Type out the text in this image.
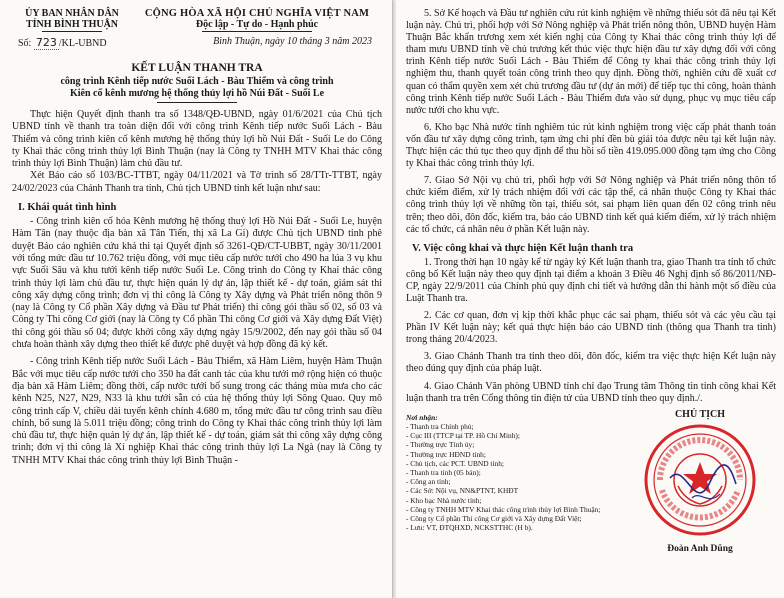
ỦY BAN NHÂN DÂN
TỈNH BÌNH THUẬN
CỘNG HÒA XÃ HỘI CHỦ NGHĨA VIỆT NAM
Độc lập - Tự do - Hạnh phúc
Số: 723 /KL-UBND	Bình Thuận, ngày 10 tháng 3 năm 2023
KẾT LUẬN THANH TRA
công trình Kênh tiếp nước Suối Lách - Bàu Thiểm và công trình
Kiên cố kênh mương hệ thống thủy lợi hồ Núi Đất - Suối Le

Thực hiện Quyết định thanh tra số 1348/QĐ-UBND, ngày 01/6/2021 của Chủ tịch UBND tỉnh về thanh tra toàn diện đối với công trình Kênh tiếp nước Suối Lách - Bàu Thiểm và công trình kiên cố kênh mương hệ thống thủy lợi hồ Núi Đất - Suối Le do Công ty Khai thác công trình thủy lợi Bình Thuận (nay là Công ty TNHH MTV Khai thác công trình thủy lợi Bình Thuận) làm chủ đầu tư.

Xét Báo cáo số 103/BC-TTBT, ngày 04/11/2021 và Tờ trình số 28/TTr-TTBT, ngày 24/02/2023 của Chánh Thanh tra tỉnh, Chủ tịch UBND tỉnh kết luận như sau:

I. Khái quát tình hình

- Công trình kiên cố hóa Kênh mương hệ thống thuỷ lợi Hồ Núi Đất - Suối Le, huyện Hàm Tân (nay thuộc địa bàn xã Tân Tiến, thị xã La Gi) được Chủ tịch UBND tỉnh phê duyệt Báo cáo nghiên cứu khả thi tại Quyết định số 3261-QĐ/CT-UBBT, ngày 30/11/2001 với tổng mức đầu tư 10.762 triệu đồng, với mục tiêu cấp nước tưới cho 490 ha lúa 3 vụ khu vực Suối Sâu và khu tưới kênh tiếp nước Suối Le. Công trình do Công ty Khai thác công trình thủy lợi làm chủ đầu tư, thực hiện quản lý dự án, lập thiết kế - dự toán, giám sát thi công xây dựng công trình; đơn vị thi công là Công ty Xây dựng và Phát triển nông thôn 9 (nay là Công ty Cổ phần Xây dựng và Đầu tư Phát triển) thi công gói thầu số 02, số 03 và Công ty Thi công Cơ giới (nay là Công ty Cổ phần Thi công Cơ giới và Xây dựng Đất Việt) thi công gói thầu số 04; được khởi công xây dựng ngày 15/9/2002, đến nay gói thầu số 04 chưa hoàn thành xây dựng theo thiết kế được phê duyệt và hợp đồng đã ký kết.

- Công trình Kênh tiếp nước Suối Lách - Bàu Thiểm, xã Hàm Liêm, huyện Hàm Thuận Bắc với mục tiêu cấp nước tưới cho 350 ha đất canh tác của khu tưới mở rộng hiện có thuộc địa bàn xã Hàm Liêm; đồng thời, cấp nước tưới bổ sung trong các tháng mùa mưa cho các kênh N25, N27, N29, N33 là khu tưới sẵn có của hệ thống thủy lợi Sông Quao. Quy mô công trình cấp V, chiều dài tuyến kênh chính 4.680 m, tổng mức đầu tư công trình sau điều chỉnh, bổ sung là 5.011 triệu đồng; công trình do Công ty Khai thác công trình thủy lợi làm chủ đầu tư, thực hiện quản lý dự án, lập thiết kế - dự toán, giám sát thi công xây dựng công trình; đơn vị thi công là Xí nghiệp Khai thác công trình thủy lợi La Ngà (nay là Công ty TNHH MTV Khai thác công trình thủy lợi Bình Thuận -

5. Sở Kế hoạch và Đầu tư nghiên cứu rút kinh nghiệm về những thiếu sót đã nêu tại Kết luận này. Chủ trì, phối hợp với Sở Nông nghiệp và Phát triển nông thôn, UBND huyện Hàm Thuận Bắc khẩn trương xem xét kiến nghị của Công ty Khai thác công trình thủy lợi để tham mưu UBND tỉnh về chủ trương kết thúc việc thực hiện đầu tư xây dựng đối với công trình Kênh tiếp nước Suối Lách - Bàu Thiểm để Công ty khai thác công trình thủy lợi nghiệm thu, thanh quyết toán công trình theo quy định. Đồng thời, nghiên cứu đề xuất cơ quan có thẩm quyền xem xét chủ trương đầu tư (dự án mới) để tiếp tục thi công, hoàn thành công trình Kênh tiếp nước Suối Lách - Bàu Thiểm đưa vào sử dụng, phục vụ mục tiêu cấp nước tưới cho khu vực.

6. Kho bạc Nhà nước tỉnh nghiêm túc rút kinh nghiệm trong việc cấp phát thanh toán vốn đầu tư xây dựng công trình, tạm ứng chi phí đền bù giải tỏa được nêu tại kết luận này. Thực hiện các thủ tục theo quy định để thu hồi số tiền 419.095.000 đồng tạm ứng cho Công ty Khai thác công trình thủy lợi.

7. Giao Sở Nội vụ chủ trì, phối hợp với Sở Nông nghiệp và Phát triển nông thôn tổ chức kiểm điểm, xử lý trách nhiệm đối với các tập thể, cá nhân thuộc Công ty Khai thác công trình thủy lợi về những tồn tại, thiếu sót, sai phạm liên quan đến 02 công trình nêu trên; theo dõi, đôn đốc, kiểm tra, báo cáo UBND tỉnh kết quả kiểm điểm, xử lý trách nhiệm các tổ chức, cá nhân nêu ở phần Kết luận này.

V. Việc công khai và thực hiện Kết luận thanh tra

1. Trong thời hạn 10 ngày kể từ ngày ký Kết luận thanh tra, giao Thanh tra tỉnh tổ chức công bố Kết luận này theo quy định tại điểm a khoản 3 Điều 46 Nghị định số 86/2011/NĐ-CP, ngày 22/9/2011 của Chính phủ quy định chi tiết và hướng dẫn thi hành một số điều của Luật Thanh tra.

2. Các cơ quan, đơn vị kịp thời khắc phục các sai phạm, thiếu sót và các yêu cầu tại Phần IV Kết luận này; kết quả thực hiện báo cáo UBND tỉnh (thông qua Thanh tra tỉnh) trong tháng 20/4/2023.

3. Giao Chánh Thanh tra tỉnh theo dõi, đôn đốc, kiểm tra việc thực hiện Kết luận này theo đúng quy định của pháp luật.

4. Giao Chánh Văn phòng UBND tỉnh chỉ đạo Trung tâm Thông tin tỉnh công khai Kết luận thanh tra trên Cổng thông tin điện tử của UBND tỉnh theo quy định./.

Nơi nhận:
- Thanh tra Chính phủ;
- Cục III (TTCP tại TP. Hồ Chí Minh);
- Thường trực Tỉnh ủy;
- Thường trực HĐND tỉnh;
- Chủ tịch, các PCT. UBND tỉnh;
- Thanh tra tỉnh (05 bản);
- Công an tỉnh;
- Các Sở: Nội vụ, NN&PTNT, KHĐT
- Kho bạc Nhà nước tỉnh;
- Công ty TNHH MTV Khai thác công trình thủy lợi Bình Thuận;
- Công ty Cổ phần Thi công Cơ giới và Xây dựng Đất Việt;
- Lưu: VT, ĐTQHXD, NCKSTTHC (H b).
CHỦ TỊCH
Đoàn Anh Dũng
